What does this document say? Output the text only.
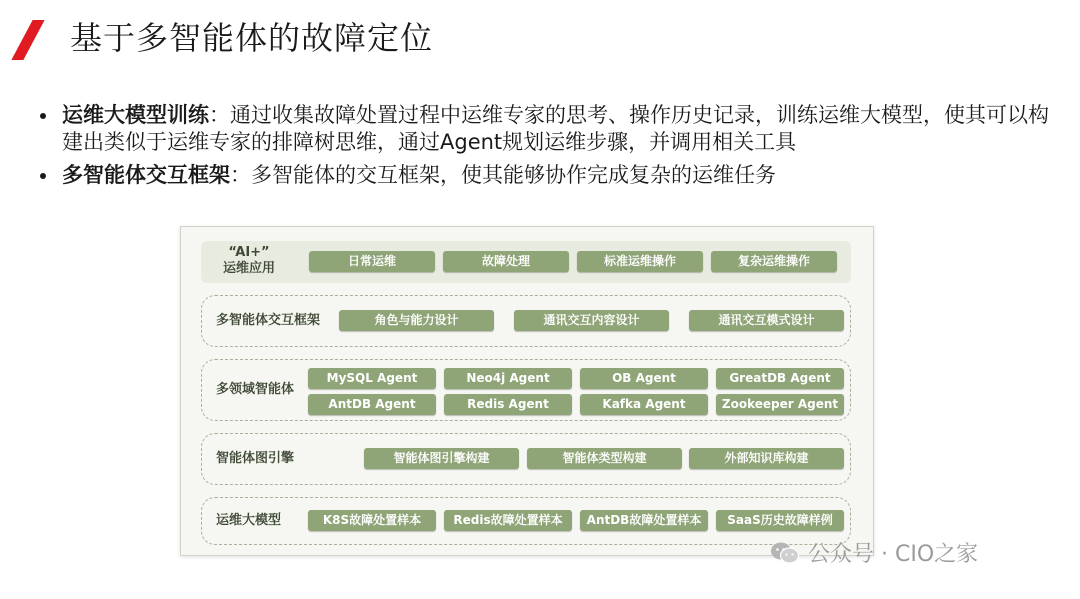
基于多智能体的故障定位
运维大模型训练：通过收集故障处置过程中运维专家的思考、操作历史记录，训练运维大模型，使其可以构建出类似于运维专家的排障树思维，通过Agent规划运维步骤，并调用相关工具
多智能体交互框架：多智能体的交互框架，使其能够协作完成复杂的运维任务
“AI+”
运维应用	日常运维	故障处理	标准运维操作	复杂运维操作
多智能体交互框架	角色与能力设计	通讯交互内容设计	通讯交互模式设计
多领域智能体
MySQL Agent	Neo4j Agent	OB Agent	GreatDB Agent
AntDB Agent	Redis Agent	Kafka Agent	Zookeeper Agent
智能体图引擎	智能体图引擎构建	智能体类型构建	外部知识库构建
运维大模型	K8S故障处置样本	Redis故障处置样本	AntDB故障处置样本	SaaS历史故障样例
公众号 · CIO之家
